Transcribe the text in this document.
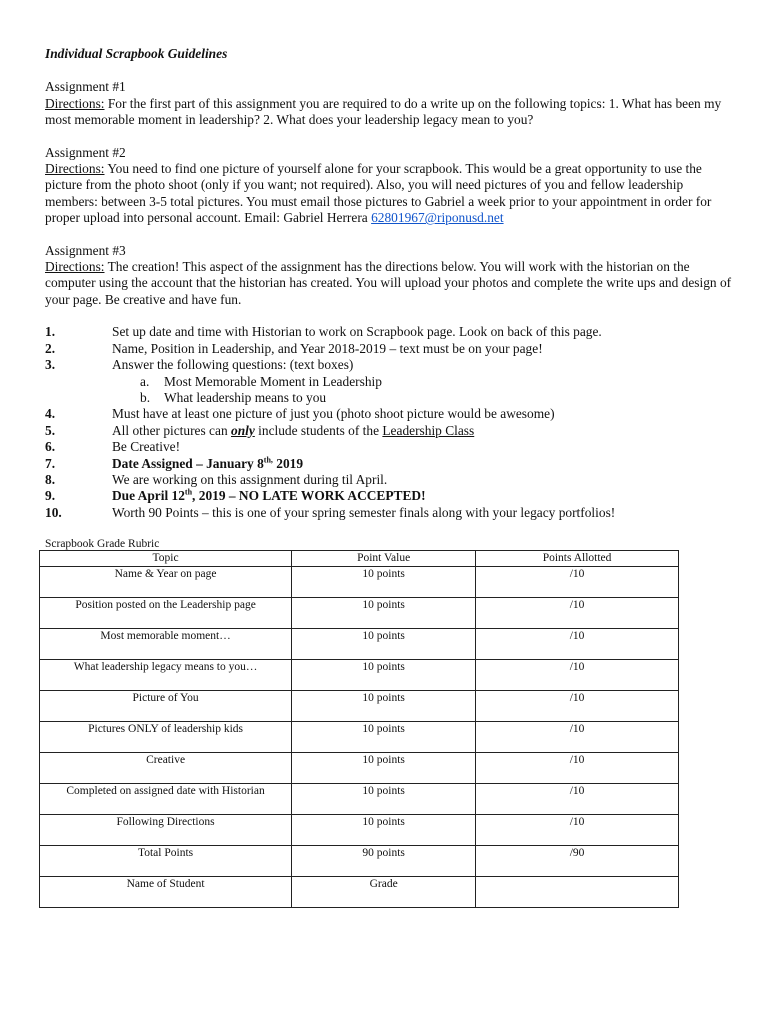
Individual Scrapbook Guidelines
Assignment #1
Directions: For the first part of this assignment you are required to do a write up on the following topics: 1. What has been my most memorable moment in leadership? 2. What does your leadership legacy mean to you?
Assignment #2
Directions: You need to find one picture of yourself alone for your scrapbook. This would be a great opportunity to use the picture from the photo shoot (only if you want; not required). Also, you will need pictures of you and fellow leadership members: between 3-5 total pictures. You must email those pictures to Gabriel a week prior to your appointment in order for proper upload into personal account. Email: Gabriel Herrera 62801967@riponusd.net
Assignment #3
Directions: The creation! This aspect of the assignment has the directions below. You will work with the historian on the computer using the account that the historian has created. You will upload your photos and complete the write ups and design of your page. Be creative and have fun.
1.	Set up date and time with Historian to work on Scrapbook page. Look on back of this page.
2.	Name, Position in Leadership, and Year 2018-2019 – text must be on your page!
3.	Answer the following questions: (text boxes)
a.	Most Memorable Moment in Leadership
b.	What leadership means to you
4.	Must have at least one picture of just you (photo shoot picture would be awesome)
5.	All other pictures can only include students of the Leadership Class
6.	Be Creative!
7.	Date Assigned – January $8^{th,}$ 2019
8.	We are working on this assignment during til April.
9.	Due April 12th, 2019 – NO LATE WORK ACCEPTED!
10.	Worth 90 Points – this is one of your spring semester finals along with your legacy portfolios!
Scrapbook Grade Rubric
Topic	Point Value	Points Allotted
Name & Year on page	10 points	/10
Position posted on the Leadership page	10 points	/10
Most memorable moment…	10 points	/10
What leadership legacy means to you…	10 points	/10
Picture of You	10 points	/10
Pictures ONLY of leadership kids	10 points	/10
Creative	10 points	/10
Completed on assigned date with Historian	10 points	/10
Following Directions	10 points	/10
Total Points	90 points	/90
Name of Student	Grade	
